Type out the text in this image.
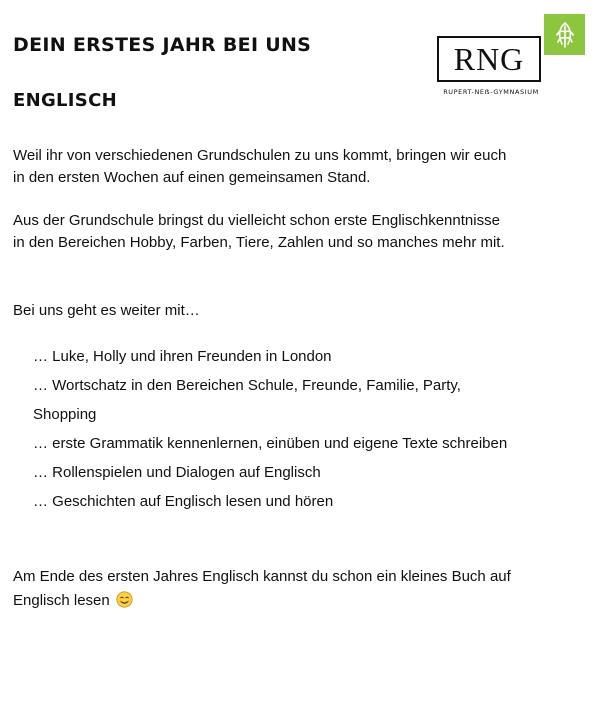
DEIN ERSTES JAHR BEI UNS
ENGLISCH
RNG
RUPERT-NEẞ-GYMNASIUM

Weil ihr von verschiedenen Grundschulen zu uns kommt, bringen wir euch in den ersten Wochen auf einen gemeinsamen Stand.

Aus der Grundschule bringst du vielleicht schon erste Englischkenntnisse in den Bereichen Hobby, Farben, Tiere, Zahlen und so manches mehr mit.

Bei uns geht es weiter mit…

… Luke, Holly und ihren Freunden in London
… Wortschatz in den Bereichen Schule, Freunde, Familie, Party, Shopping
… erste Grammatik kennenlernen, einüben und eigene Texte schreiben
… Rollenspielen und Dialogen auf Englisch
… Geschichten auf Englisch lesen und hören

Am Ende des ersten Jahres Englisch kannst du schon ein kleines Buch auf Englisch lesen
